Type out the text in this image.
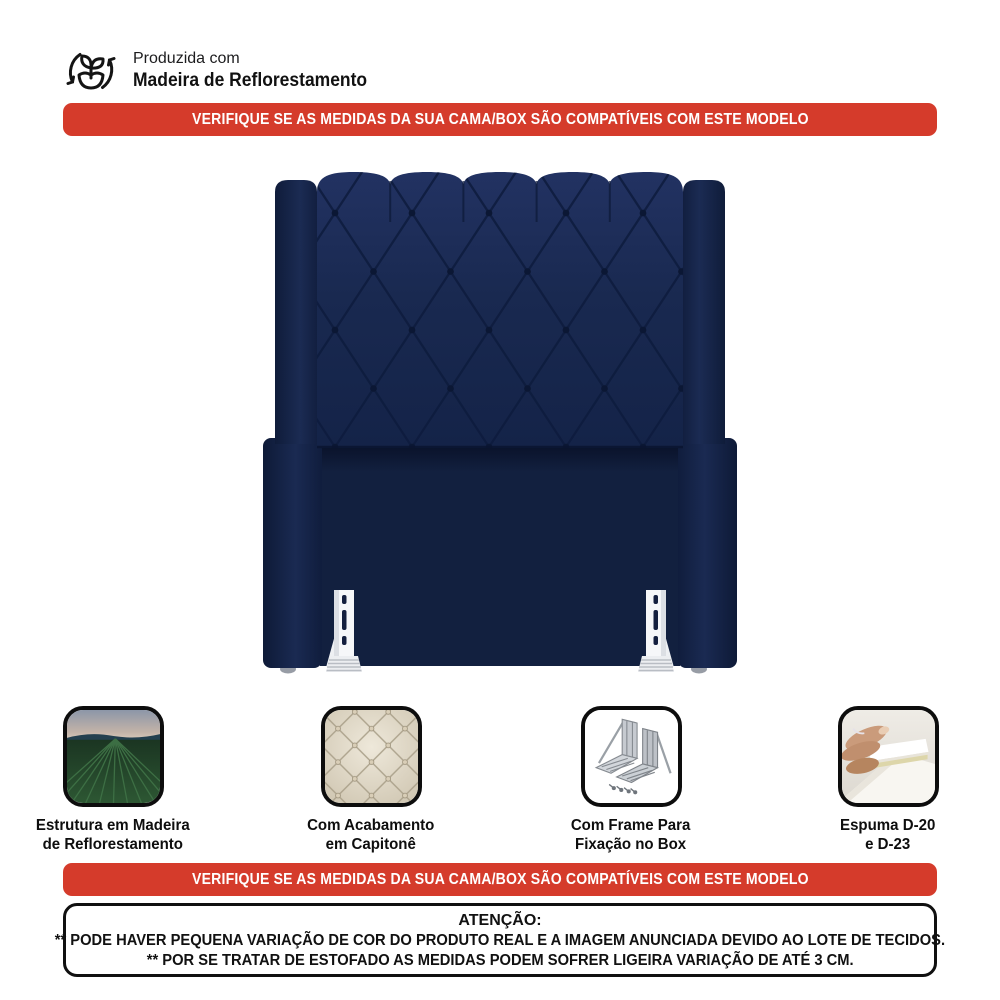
Produzida com
Madeira de Reflorestamento
VERIFIQUE SE AS MEDIDAS DA SUA CAMA/BOX SÃO COMPATÍVEIS COM ESTE MODELO
Estrutura em Madeira
de Reflorestamento
Com Acabamento
em Capitonê
Com Frame Para
Fixação no Box
Espuma D-20
e D-23
VERIFIQUE SE AS MEDIDAS DA SUA CAMA/BOX SÃO COMPATÍVEIS COM ESTE MODELO
ATENÇÃO:
** PODE HAVER PEQUENA VARIAÇÃO DE COR DO PRODUTO REAL E A IMAGEM ANUNCIADA DEVIDO AO LOTE DE TECIDOS.
** POR SE TRATAR DE ESTOFADO AS MEDIDAS PODEM SOFRER LIGEIRA VARIAÇÃO DE ATÉ 3 CM.
